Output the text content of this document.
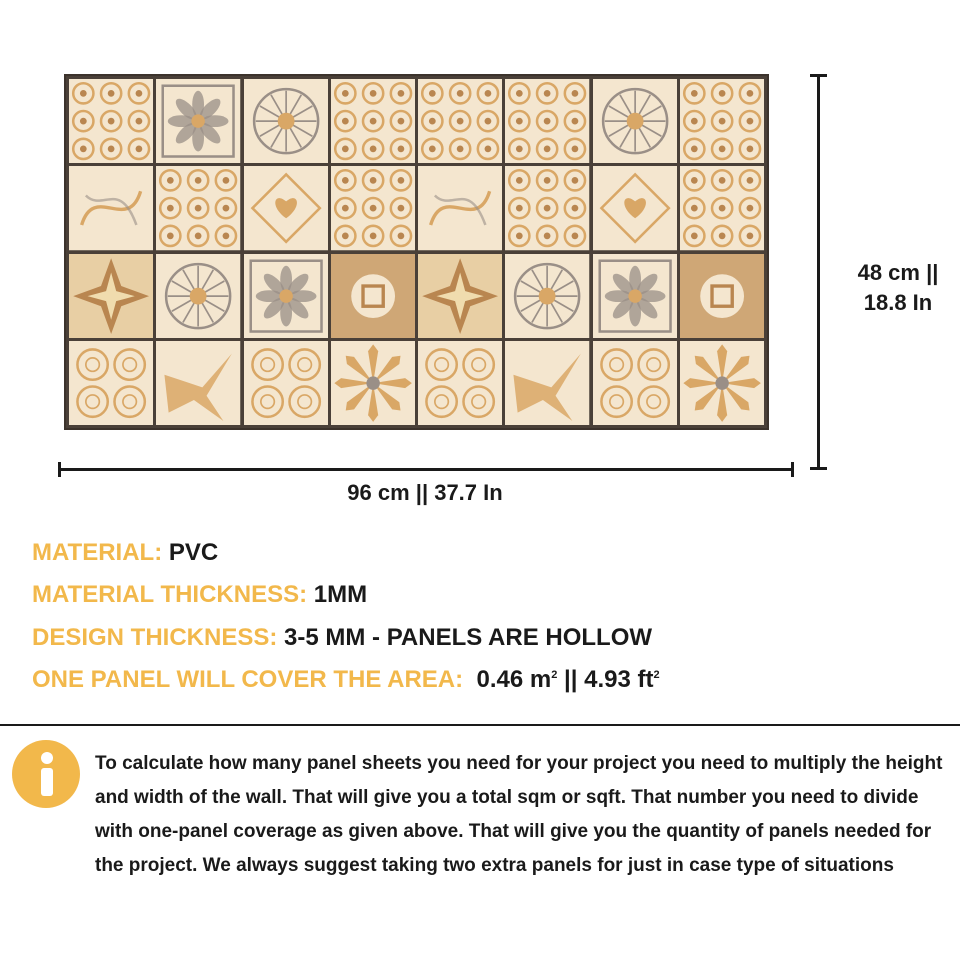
48 cm || 18.8 In
96 cm || 37.7 In
MATERIAL: PVC
MATERIAL THICKNESS: 1MM
DESIGN THICKNESS: 3-5 MM - PANELS ARE HOLLOW
ONE PANEL WILL COVER THE AREA: 0.46 $m^2$ || 4.93 $ft^2$
To calculate how many panel sheets you need for your project you need to multiply the height and width of the wall. That will give you a total sqm or sqft. That number you need to divide with one-panel coverage as given above. That will give you the quantity of panels needed for the project. We always suggest taking two extra panels for just in case type of situations
